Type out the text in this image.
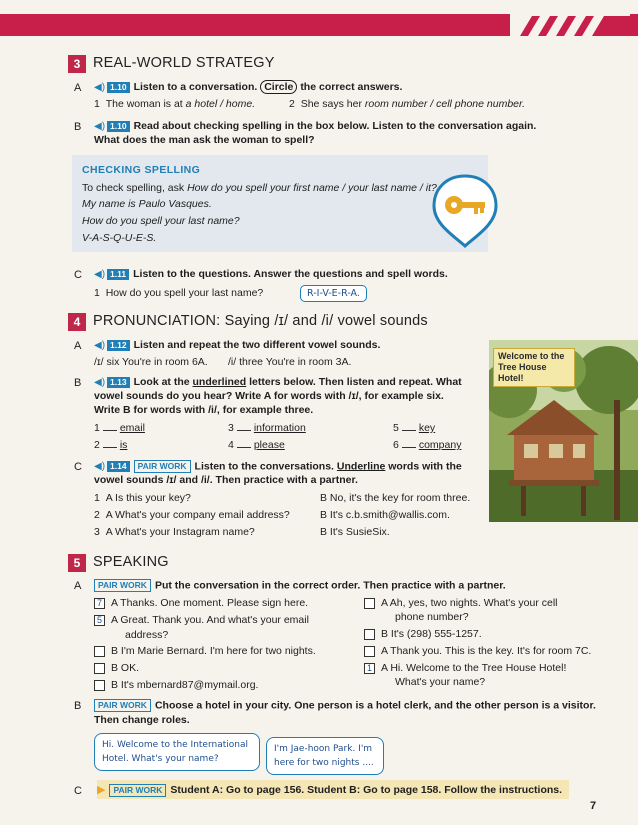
3 REAL-WORLD STRATEGY
A ◀) 1.10 Listen to a conversation. Circle the correct answers.
1 The woman is at a hotel / home.	2 She says her room number / cell phone number.
B ◀) 1.10 Read about checking spelling in the box below. Listen to the conversation again.
What does the man ask the woman to spell?
CHECKING SPELLING
To check spelling, ask How do you spell your first name / your last name / it?
My name is Paulo Vasques.
How do you spell your last name?
V-A-S-Q-U-E-S.
C ◀) 1.11 Listen to the questions. Answer the questions and spell words.
1 How do you spell your last name?	R-I-V-E-R-A.
4 PRONUNCIATION: Saying /ɪ/ and /i/ vowel sounds
A ◀) 1.12 Listen and repeat the two different vowel sounds.
/ɪ/ six You're in room 6A. /i/ three You're in room 3A.
B ◀) 1.13 Look at the underlined letters below. Then listen and repeat. What
vowel sounds do you hear? Write A for words with /ɪ/, for example six.
Write B for words with /i/, for example three.
1 email
2 is
3 information
4 please
5 key
6 company
C ◀) 1.14	PAIR WORK Listen to the conversations. Underline words with the
vowel sounds /ɪ/ and /i/. Then practice with a partner.
1 A Is this your key?	B No, it's the key for room three.
2 A What's your company email address?	B It's c.b.smith@wallis.com.
3 A What's your Instagram name?	B It's SusieSix.
Welcome to the Tree House Hotel!
5 SPEAKING
A	PAIR WORK Put the conversation in the correct order. Then practice with a partner.
7 A Thanks. One moment. Please sign here.
5 A Great. Thank you. And what's your email
address?
B I'm Marie Bernard. I'm here for two nights.
B OK.
B It's mbernard87@mymail.org.
A Ah, yes, two nights. What's your cell
phone number?
B It's (298) 555-1257.
A Thank you. This is the key. It's for room 7C.
1 A Hi. Welcome to the Tree House Hotel!
What's your name?
B	PAIR WORK Choose a hotel in your city. One person is a hotel clerk, and the other person is a visitor.
Then change roles.
Hi. Welcome to the International
Hotel. What's your name?
I'm Jae-hoon Park. I'm
here for two nights ....
C ▶ PAIR WORK Student A: Go to page 156. Student B: Go to page 158. Follow the instructions.
7
